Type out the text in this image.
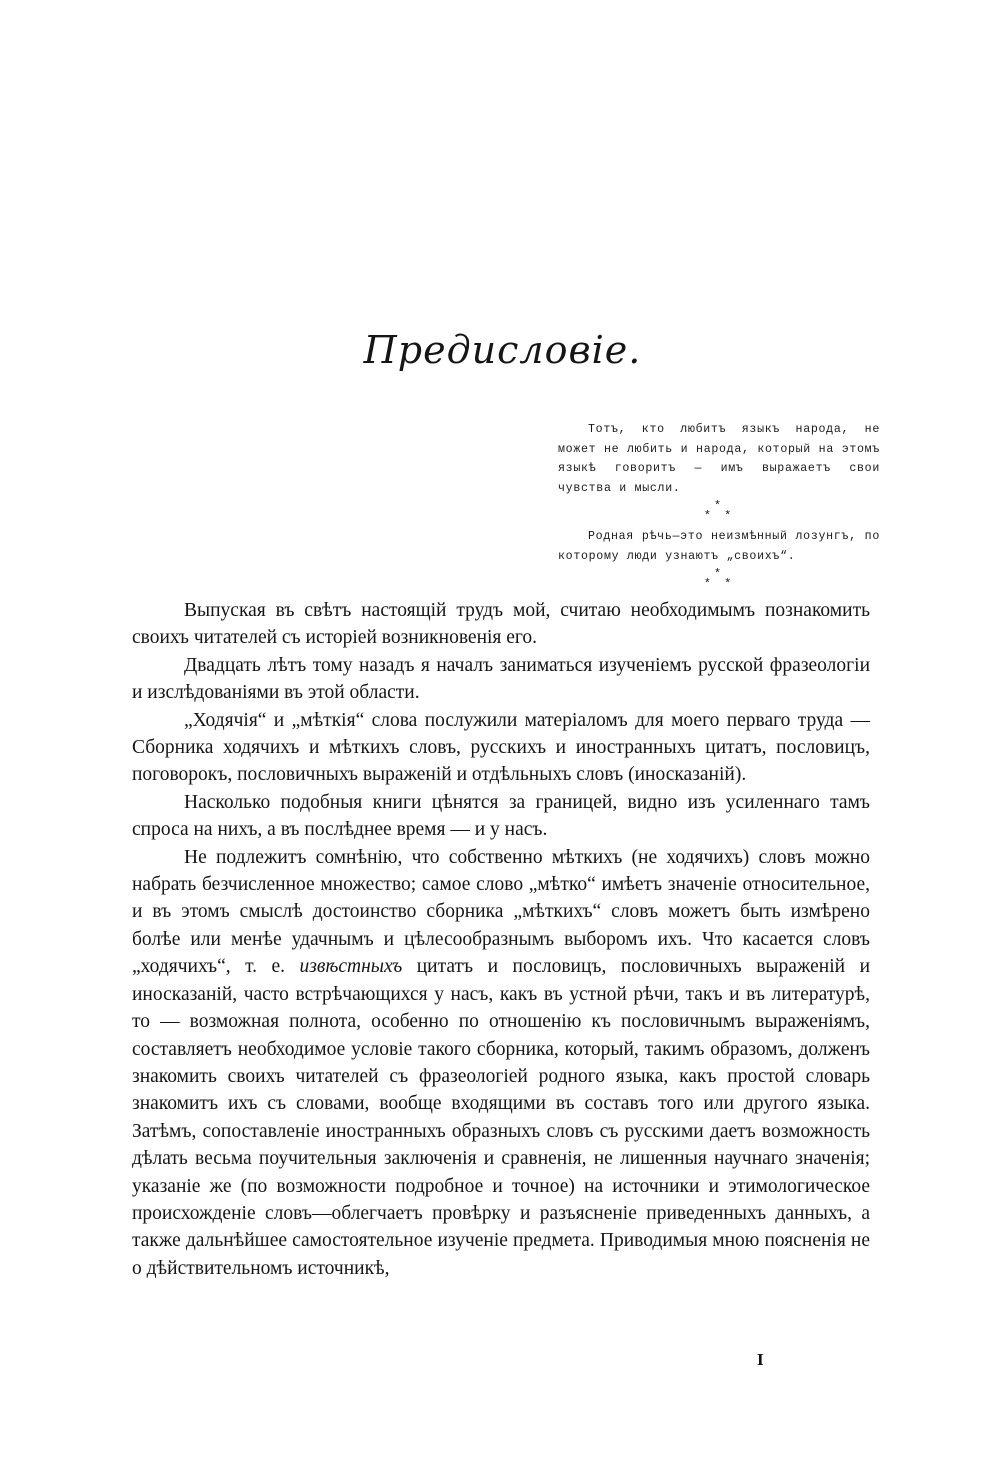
Предисловіе.

Тотъ, кто любитъ языкъ народа, не может не любить и народа, который на этомъ языкѣ говоритъ — имъ выражаетъ свои чувства и мысли.

*
* *

Родная рѣчь—это неизмѣнный лозунгъ, по которому люди узнаютъ „своихъ“.

*
* *

Выпуская въ свѣтъ настоящій трудъ мой, считаю необходимымъ познакомить своихъ читателей съ исторіей возникновенія его.

Двадцать лѣтъ тому назадъ я началъ заниматься изученіемъ русской фразеологіи и изслѣдованіями въ этой области.

„Ходячія“ и „мѣткія“ слова послужили матеріаломъ для моего перваго труда — Сборника ходячихъ и мѣткихъ словъ, русскихъ и иностранныхъ цитатъ, пословицъ, поговорокъ, пословичныхъ выраженій и отдѣльныхъ словъ (иносказаній).

Насколько подобныя книги цѣнятся за границей, видно изъ усиленнаго тамъ спроса на нихъ, а въ послѣднее время — и у насъ.

Не подлежитъ сомнѣнію, что собственно мѣткихъ (не ходячихъ) словъ можно набрать безчисленное множество; самое слово „мѣтко“ имѣетъ значеніе относительное, и въ этомъ смыслѣ достоинство сборника „мѣткихъ“ словъ можетъ быть измѣрено болѣе или менѣе удачнымъ и цѣлесообразнымъ выборомъ ихъ. Что касается словъ „ходячихъ“, т. е. извѣстныхъ цитатъ и пословицъ, пословичныхъ выраженій и иносказаній, часто встрѣчающихся у насъ, какъ въ устной рѣчи, такъ и въ литературѣ, то — возможная полнота, особенно по отношенію къ пословичнымъ выраженіямъ, составляетъ необходимое условіе такого сборника, который, такимъ образомъ, долженъ знакомить своихъ читателей съ фразеологіей родного языка, какъ простой словарь знакомитъ ихъ съ словами, вообще входящими въ составъ того или другого языка. Затѣмъ, сопоставленіе иностранныхъ образныхъ словъ съ русскими даетъ возможность дѣлать весьма поучительныя заключенія и сравненія, не лишенныя научнаго значенія; указаніе же (по возможности подробное и точное) на источники и этимологическое происхожденіе словъ—облегчаетъ провѣрку и разъясненіе приведенныхъ данныхъ, а также дальнѣйшее самостоятельное изученіе предмета. Приводимыя мною поясненія не о дѣйствительномъ источникѣ,

I
